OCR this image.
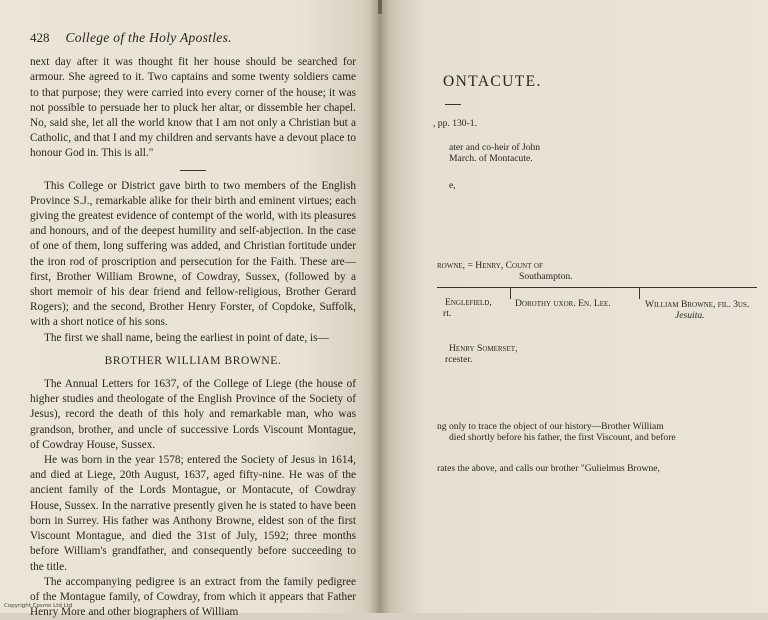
428 College of the Holy Apostles.

next day after it was thought fit her house should be searched for armour. She agreed to it. Two captains and some twenty soldiers came to that purpose; they were carried into every corner of the house; it was not possible to persuade her to pluck her altar, or dissemble her chapel. No, said she, let all the world know that I am not only a Christian but a Catholic, and that I and my children and servants have a devout place to honour God in. This is all."

This College or District gave birth to two members of the English Province S.J., remarkable alike for their birth and eminent virtues; each giving the greatest evidence of contempt of the world, with its pleasures and honours, and of the deepest humility and self-abjection. In the case of one of them, long suffering was added, and Christian fortitude under the iron rod of proscription and persecution for the Faith. These are—first, Brother William Browne, of Cowdray, Sussex, (followed by a short memoir of his dear friend and fellow-religious, Brother Gerard Rogers); and the second, Brother Henry Forster, of Copdoke, Suffolk, with a short notice of his sons.

The first we shall name, being the earliest in point of date, is—

BROTHER WILLIAM BROWNE.

The Annual Letters for 1637, of the College of Liege (the house of higher studies and theologate of the English Province of the Society of Jesus), record the death of this holy and remarkable man, who was grandson, brother, and uncle of successive Lords Viscount Montague, of Cowdray House, Sussex.

He was born in the year 1578; entered the Society of Jesus in 1614, and died at Liege, 20th August, 1637, aged fifty-nine. He was of the ancient family of the Lords Montague, or Montacute, of Cowdray House, Sussex. In the narrative presently given he is stated to have been born in Surrey. His father was Anthony Browne, eldest son of the first Viscount Montague, and died the 31st of July, 1592; three months before William's grandfather, and consequently before succeeding to the title.

The accompanying pedigree is an extract from the family pedigree of the Montague family, of Cowdray, from which it appears that Father Henry More and other biographers of William

ONTACUTE.
, pp. 130-1.
ater and co-heir of John
March. of Montacute.
e,
rowne, = Henry, Count of
Southampton.
Englefield,
rt.
Dorothy uxor. En. Lee.	William Browne, fil. 3us.
Jesuita.
Henry Somerset,
rcester.
ng only to trace the object of our history—Brother William
died shortly before his father, the first Viscount, and before
rates the above, and calls our brother "Gulielmus Browne,
Copyright Cosmo Ltd Ltd
